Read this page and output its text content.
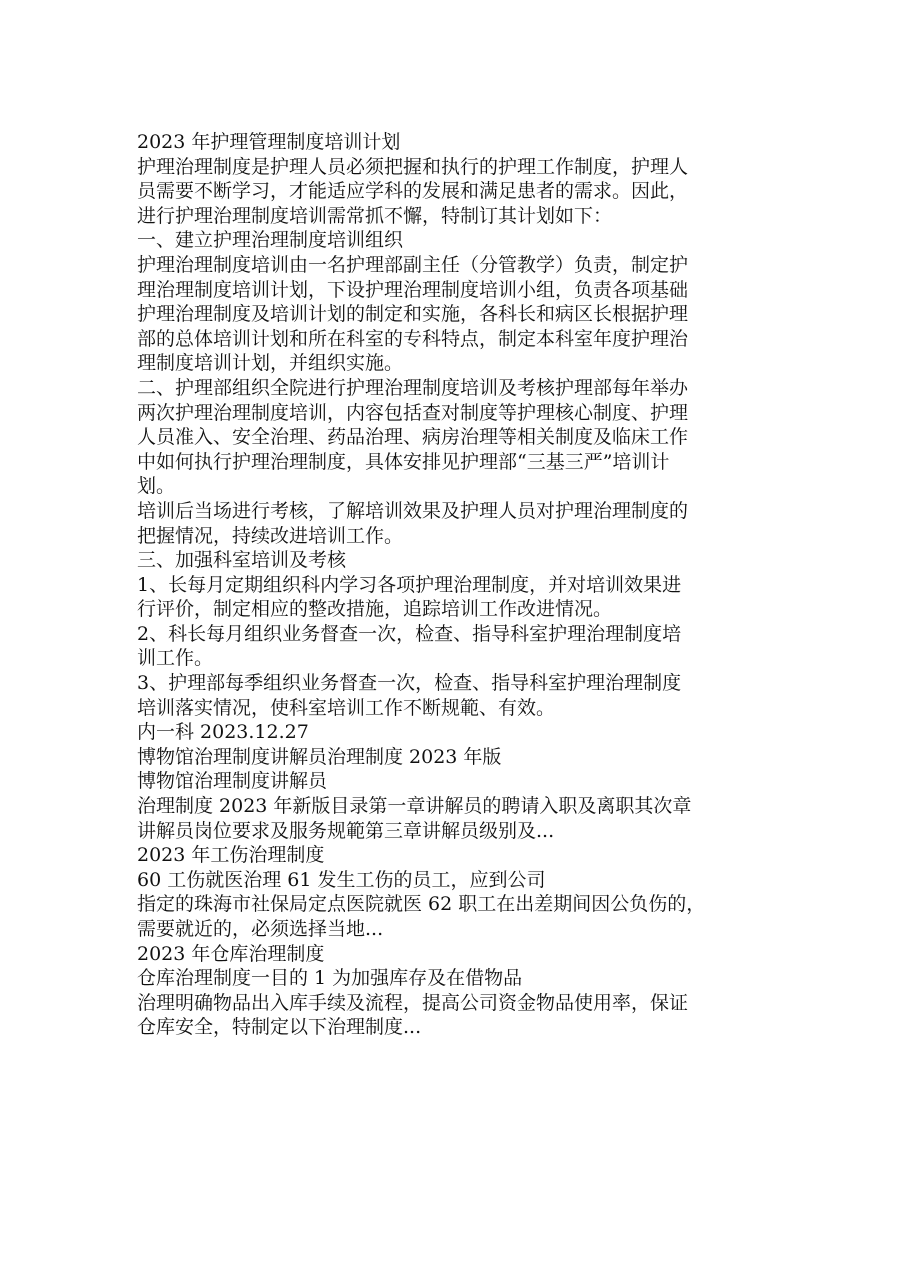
2023 年护理管理制度培训计划
护理治理制度是护理人员必须把握和执行的护理工作制度，护理人
员需要不断学习，才能适应学科的发展和满足患者的需求。因此，
进行护理治理制度培训需常抓不懈，特制订其计划如下：
一、建立护理治理制度培训组织
护理治理制度培训由一名护理部副主任（分管教学）负责，制定护
理治理制度培训计划，下设护理治理制度培训小组，负责各项基础
护理治理制度及培训计划的制定和实施，各科长和病区长根据护理
部的总体培训计划和所在科室的专科特点，制定本科室年度护理治
理制度培训计划，并组织实施。
二、护理部组织全院进行护理治理制度培训及考核护理部每年举办
两次护理治理制度培训，内容包括查对制度等护理核心制度、护理
人员准入、安全治理、药品治理、病房治理等相关制度及临床工作
中如何执行护理治理制度，具体安排见护理部“三基三严”培训计
划。
培训后当场进行考核，了解培训效果及护理人员对护理治理制度的
把握情况，持续改进培训工作。
三、加强科室培训及考核
1、长每月定期组织科内学习各项护理治理制度，并对培训效果进
行评价，制定相应的整改措施，追踪培训工作改进情况。
2、科长每月组织业务督查一次，检查、指导科室护理治理制度培
训工作。
3、护理部每季组织业务督查一次，检查、指导科室护理治理制度
培训落实情况，使科室培训工作不断规範、有效。
内一科 2023.12.27
博物馆治理制度讲解员治理制度 2023 年版
博物馆治理制度讲解员
治理制度 2023 年新版目录第一章讲解员的聘请入职及离职其次章
讲解员岗位要求及服务规範第三章讲解员级别及...
2023 年工伤治理制度
60 工伤就医治理 61 发生工伤的员工，应到公司
指定的珠海市社保局定点医院就医 62 职工在出差期间因公负伤的，
需要就近的，必须选择当地...
2023 年仓库治理制度
仓库治理制度一目的 1 为加强库存及在借物品
治理明确物品出入库手续及流程，提高公司资金物品使用率，保证
仓库安全，特制定以下治理制度...
